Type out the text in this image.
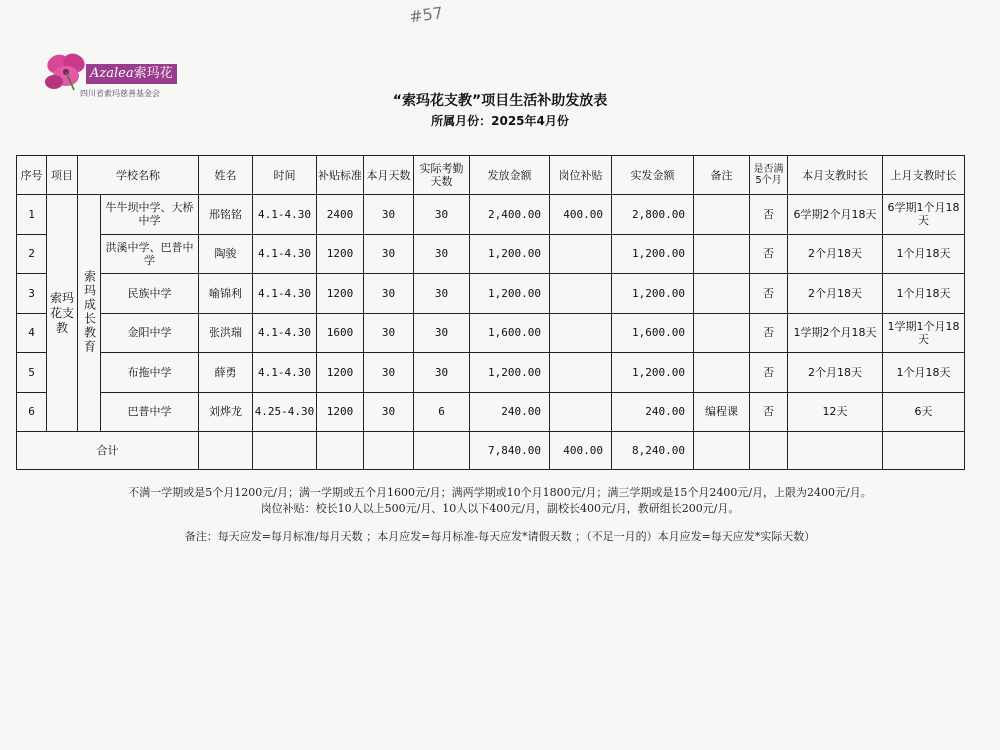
#57
Azalea索玛花
四川省索玛慈善基金会	“索玛花支教”项目生活补助发放表
所属月份：2025年4月份
序号	项目	学校名称		姓名	时间	补贴标准	本月天数	实际考勤天数	发放金额	岗位补贴	实发金额	备注	是否满5个月	本月支教时长	上月支教时长
1	索玛花支教	索玛成长教育	牛牛坝中学、大桥中学	邢铭铭	4.1-4.30	2400	30	30	2,400.00	400.00	2,800.00		否	6学期2个月18天	6学期1个月18天
2			洪溪中学、巴普中学	陶骏	4.1-4.30	1200	30	30	1,200.00		1,200.00		否	2个月18天	1个月18天
3			民族中学	喻锦利	4.1-4.30	1200	30	30	1,200.00		1,200.00		否	2个月18天	1个月18天
4			金阳中学	张洪瑞	4.1-4.30	1600	30	30	1,600.00		1,600.00		否	1学期2个月18天	1学期1个月18天
5			布拖中学	薛勇	4.1-4.30	1200	30	30	1,200.00		1,200.00		否	2个月18天	1个月18天
6			巴普中学	刘烨龙	4.25-4.30	1200	30	6	240.00		240.00	编程课	否	12天	6天
合计									7,840.00	400.00	8,240.00				
不满一学期或是5个月1200元/月；满一学期或五个月1600元/月；满两学期或10个月1800元/月；满三学期或是15个月2400元/月，上限为2400元/月。
岗位补贴：校长10人以上500元/月、10人以下400元/月，副校长400元/月，教研组长200元/月。
备注：每天应发=每月标准/每月天数 ；本月应发=每月标准-每天应发*请假天数 ；（不足一月的）本月应发=每天应发*实际天数）
